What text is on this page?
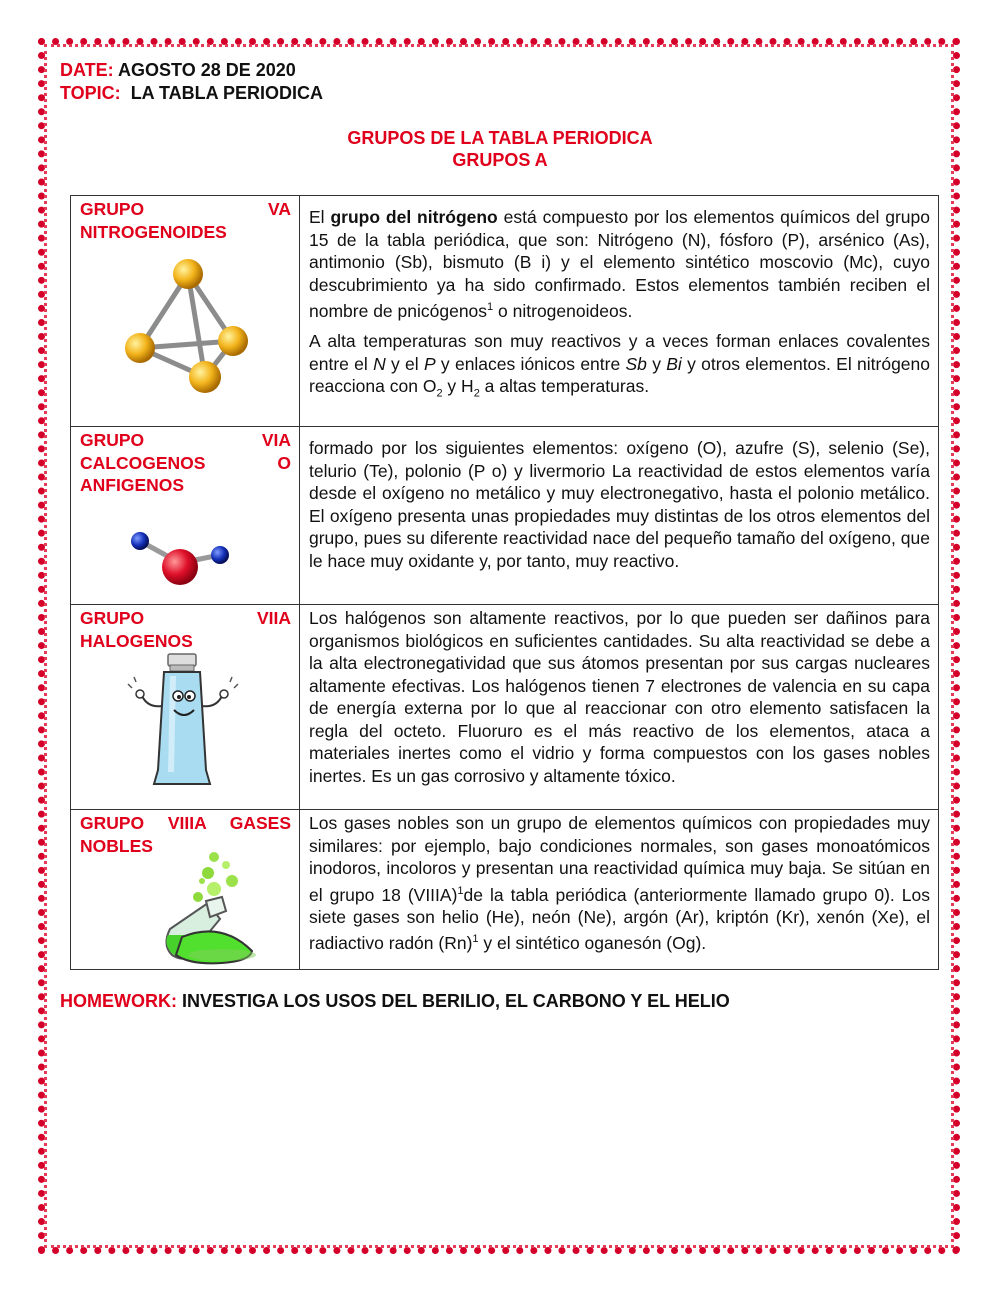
DATE: AGOSTO 28 DE 2020
TOPIC: LA TABLA PERIODICA
GRUPOS DE LA TABLA PERIODICA
GRUPOS A
GRUPO VA NITROGENOIDES	El grupo del nitrógeno está compuesto por los elementos químicos del grupo 15 de la tabla periódica, que son: Nitrógeno (N), fósforo (P), arsénico (As), antimonio (Sb), bismuto (B i) y el elemento sintético moscovio (Mc), cuyo descubrimiento ya ha sido confirmado. Estos elementos también reciben el nombre de pnicógenos$^1$ o nitrogenoideos.

A alta temperaturas son muy reactivos y a veces forman enlaces covalentes entre el N y el P y enlaces iónicos entre Sb y Bi y otros elementos. El nitrógeno reacciona con $O_2$ y $H_2$ a altas temperaturas.

GRUPO VIA CALCOGENOS O ANFIGENOS	formado por los siguientes elementos: oxígeno (O), azufre (S), selenio (Se), telurio (Te), polonio (P o) y livermorio La reactividad de estos elementos varía desde el oxígeno no metálico y muy electronegativo, hasta el polonio metálico. El oxígeno presenta unas propiedades muy distintas de los otros elementos del grupo, pues su diferente reactividad nace del pequeño tamaño del oxígeno, que le hace muy oxidante y, por tanto, muy reactivo.

GRUPO VIIA HALOGENOS	Los halógenos son altamente reactivos, por lo que pueden ser dañinos para organismos biológicos en suficientes cantidades. Su alta reactividad se debe a la alta electronegatividad que sus átomos presentan por sus cargas nucleares altamente efectivas. Los halógenos tienen 7 electrones de valencia en su capa de energía externa por lo que al reaccionar con otro elemento satisfacen la regla del octeto. Fluoruro es el más reactivo de los elementos, ataca a materiales inertes como el vidrio y forma compuestos con los gases nobles inertes. Es un gas corrosivo y altamente tóxico.

GRUPO VIIIA GASES NOBLES	Los gases nobles son un grupo de elementos químicos con propiedades muy similares: por ejemplo, bajo condiciones normales, son gases monoatómicos inodoros, incoloros y presentan una reactividad química muy baja. Se sitúan en el grupo 18 (VIIIA)$^1$de la tabla periódica (anteriormente llamado grupo 0). Los siete gases son helio (He), neón (Ne), argón (Ar), kriptón (Kr), xenón (Xe), el radiactivo radón $(Rn)^1$ y el sintético oganesón (Og).

HOMEWORK: INVESTIGA LOS USOS DEL BERILIO, EL CARBONO Y EL HELIO
